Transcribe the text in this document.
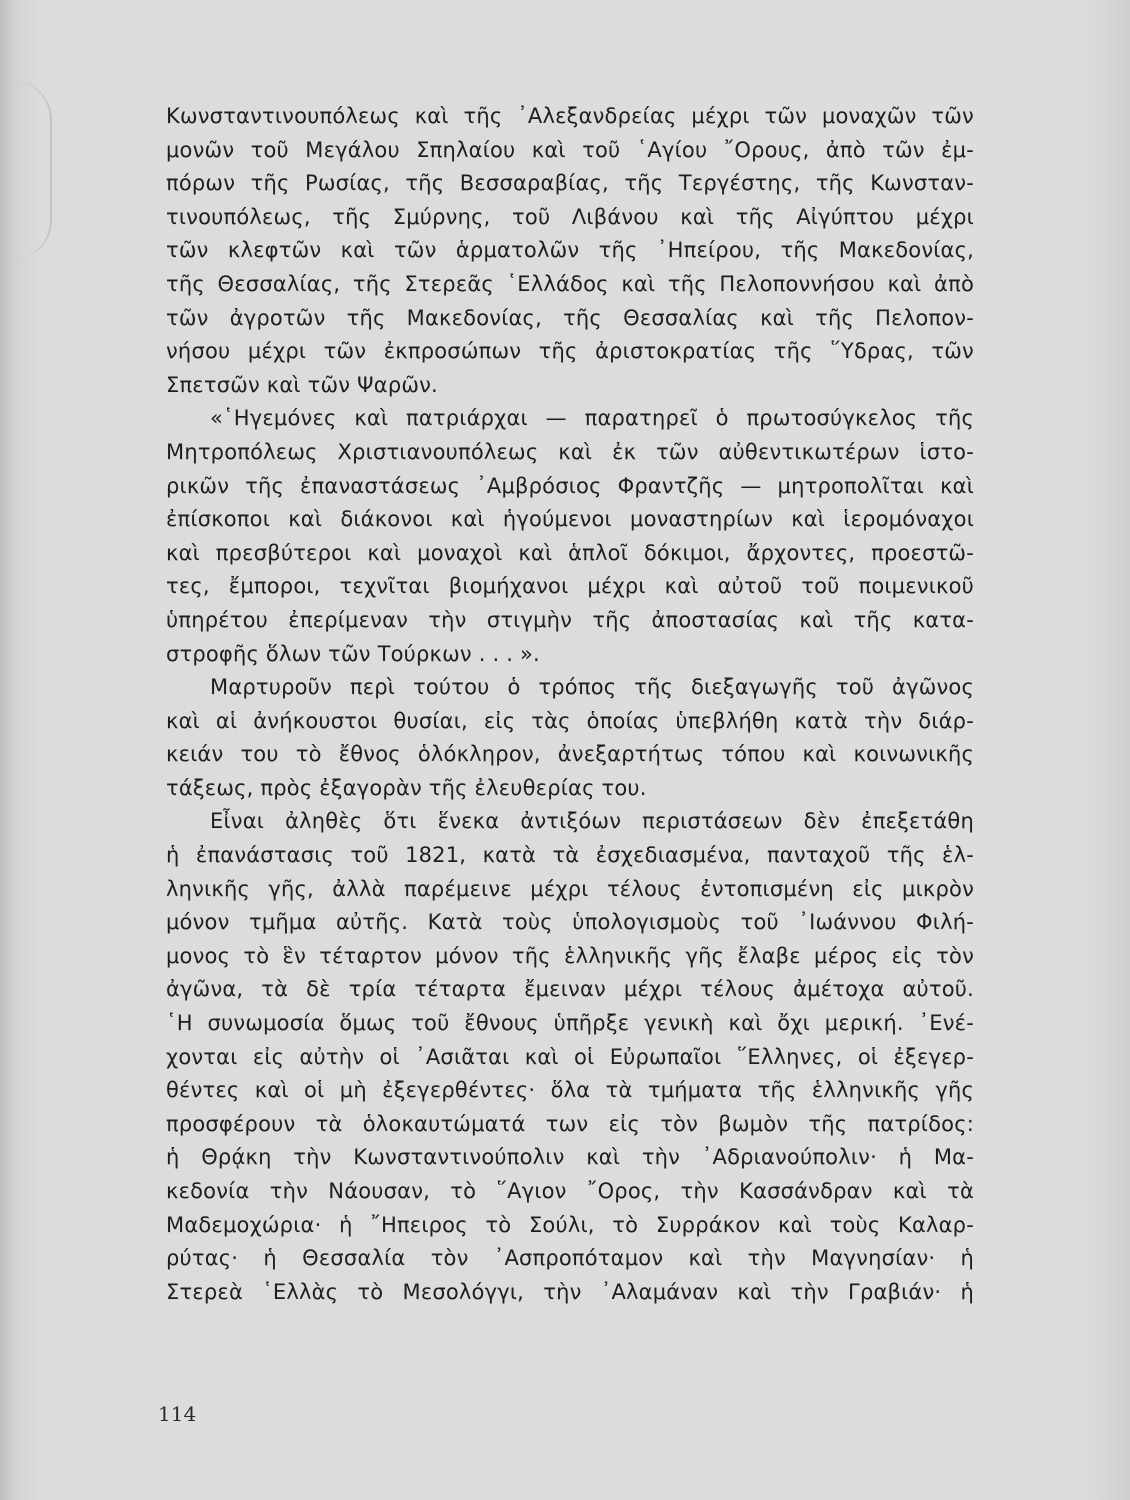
Κωνσταντινουπόλεως καὶ τῆς ᾿Αλεξανδρείας μέχρι τῶν μοναχῶν τῶν
μονῶν τοῦ Μεγάλου Σπηλαίου καὶ τοῦ ῾Αγίου ῎Ορους, ἀπὸ τῶν ἐμ-
πόρων τῆς Ρωσίας, τῆς Βεσσαραβίας, τῆς Τεργέστης, τῆς Κωνσταν-
τινουπόλεως, τῆς Σμύρνης, τοῦ Λιβάνου καὶ τῆς Αἰγύπτου μέχρι
τῶν κλεφτῶν καὶ τῶν ἁρματολῶν τῆς ᾿Ηπείρου, τῆς Μακεδονίας,
τῆς Θεσσαλίας, τῆς Στερεᾶς ῾Ελλάδος καὶ τῆς Πελοποννήσου καὶ ἀπὸ
τῶν ἀγροτῶν τῆς Μακεδονίας, τῆς Θεσσαλίας καὶ τῆς Πελοπον-
νήσου μέχρι τῶν ἐκπροσώπων τῆς ἀριστοκρατίας τῆς ῞Υδρας, τῶν
Σπετσῶν καὶ τῶν Ψαρῶν.
«῾Ηγεμόνες καὶ πατριάρχαι — παρατηρεῖ ὁ πρωτοσύγκελος τῆς
Μητροπόλεως Χριστιανουπόλεως καὶ ἐκ τῶν αὐθεντικωτέρων ἱστο-
ρικῶν τῆς ἐπαναστάσεως ᾿Αμβρόσιος Φραντζῆς — μητροπολῖται καὶ
ἐπίσκοποι καὶ διάκονοι καὶ ἡγούμενοι μοναστηρίων καὶ ἱερομόναχοι
καὶ πρεσβύτεροι καὶ μοναχοὶ καὶ ἁπλοῖ δόκιμοι, ἄρχοντες, προεστῶ-
τες, ἔμποροι, τεχνῖται βιομήχανοι μέχρι καὶ αὐτοῦ τοῦ ποιμενικοῦ
ὑπηρέτου ἐπερίμεναν τὴν στιγμὴν τῆς ἀποστασίας καὶ τῆς κατα-
στροφῆς ὅλων τῶν Τούρκων . . . ».
Μαρτυροῦν περὶ τούτου ὁ τρόπος τῆς διεξαγωγῆς τοῦ ἀγῶνος
καὶ αἱ ἀνήκουστοι θυσίαι, εἰς τὰς ὁποίας ὑπεβλήθη κατὰ τὴν διάρ-
κειάν του τὸ ἔθνος ὁλόκληρον, ἀνεξαρτήτως τόπου καὶ κοινωνικῆς
τάξεως, πρὸς ἐξαγορὰν τῆς ἐλευθερίας του.
Εἶναι ἀληθὲς ὅτι ἕνεκα ἀντιξόων περιστάσεων δὲν ἐπεξετάθη
ἡ ἐπανάστασις τοῦ 1821, κατὰ τὰ ἐσχεδιασμένα, πανταχοῦ τῆς ἑλ-
ληνικῆς γῆς, ἀλλὰ παρέμεινε μέχρι τέλους ἐντοπισμένη εἰς μικρὸν
μόνον τμῆμα αὐτῆς. Κατὰ τοὺς ὑπολογισμοὺς τοῦ ᾿Ιωάννου Φιλή-
μονος τὸ ἓν τέταρτον μόνον τῆς ἑλληνικῆς γῆς ἔλαβε μέρος εἰς τὸν
ἀγῶνα, τὰ δὲ τρία τέταρτα ἔμειναν μέχρι τέλους ἀμέτοχα αὐτοῦ.
῾Η συνωμοσία ὅμως τοῦ ἔθνους ὑπῆρξε γενικὴ καὶ ὄχι μερική. ᾿Ενέ-
χονται εἰς αὐτὴν οἱ ᾿Ασιᾶται καὶ οἱ Εὐρωπαῖοι ῞Ελληνες, οἱ ἐξεγερ-
θέντες καὶ οἱ μὴ ἐξεγερθέντες· ὅλα τὰ τμήματα τῆς ἑλληνικῆς γῆς
προσφέρουν τὰ ὁλοκαυτώματά των εἰς τὸν βωμὸν τῆς πατρίδος:
ἡ Θρᾴκη τὴν Κωνσταντινούπολιν καὶ τὴν ᾿Αδριανούπολιν· ἡ Μα-
κεδονία τὴν Νάουσαν, τὸ ῞Αγιον ῎Ορος, τὴν Κασσάνδραν καὶ τὰ
Μαδεμοχώρια· ἡ ῎Ηπειρος τὸ Σούλι, τὸ Συρράκον καὶ τοὺς Καλαρ-
ρύτας· ἡ Θεσσαλία τὸν ᾿Ασπροπόταμον καὶ τὴν Μαγνησίαν· ἡ
Στερεὰ ῾Ελλὰς τὸ Μεσολόγγι, τὴν ᾿Αλαμάναν καὶ τὴν Γραβιάν· ἡ
114
